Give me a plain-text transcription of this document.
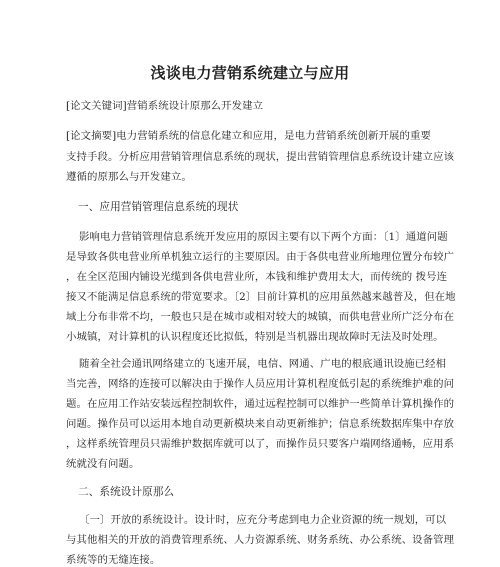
浅谈电力营销系统建立与应用
[论文关键词]营销系统设计原那么开发建立
[论文摘要]电力营销系统的信息化建立和应用，是电力营销系统创新开展的重要
支持手段。分析应用营销管理信息系统的现状，提出营销管理信息系统设计建立应该
遵循的原那么与开发建立。
一、应用营销管理信息系统的现状
影响电力营销管理信息系统开发应用的原因主要有以下两个方面：〔1〕通道问题
是导致各供电营业所单机独立运行的主要原因。由于各供电营业所地理位置分布较广
，在全区范围内铺设光缆到各供电营业所，本钱和维护费用太大，而传统的 拨号连
接又不能满足信息系统的带宽要求。〔2〕目前计算机的应用虽然越来越普及，但在地
域上分布非常不均，一般也只是在城市或相对较大的城镇，而供电营业所广泛分布在
小城镇，对计算机的认识程度还比拟低，特别是当机器出现故障时无法及时处理。
随着全社会通讯网络建立的飞速开展，电信、网通、广电的根底通讯设施已经相
当完善，网络的连接可以解决由于操作人员应用计算机程度低引起的系统维护难的问
题。在应用工作站安装远程控制软件，通过远程控制可以维护一些简单计算机操作的
问题。操作员可以运用本地自动更新模块来自动更新维护；信息系统数据库集中存放
，这样系统管理员只需维护数据库就可以了，而操作员只要客户端网络通畅，应用系
统就没有问题。
二、系统设计原那么
〔一〕开放的系统设计。设计时，应充分考虑到电力企业资源的统一规划，可以
与其他相关的开放的消费管理系统、人力资源系统、财务系统、办公系统、设备管理
系统等的无缝连接。
